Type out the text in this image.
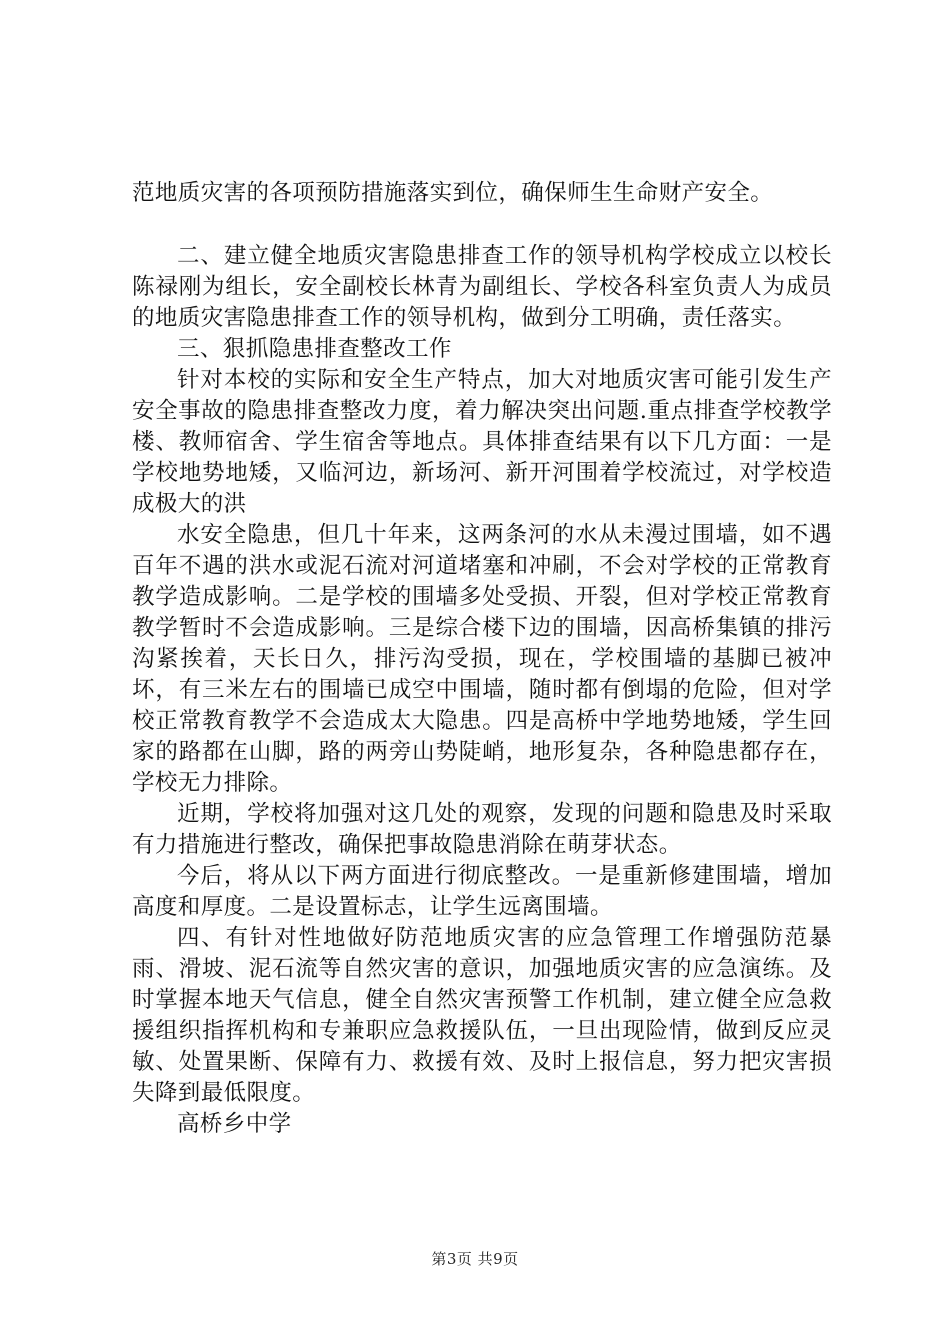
范地质灾害的各项预防措施落实到位，确保师生生命财产安全。

二、建立健全地质灾害隐患排查工作的领导机构学校成立以校长陈禄刚为组长，安全副校长林青为副组长、学校各科室负责人为成员的地质灾害隐患排查工作的领导机构，做到分工明确，责任落实。

三、狠抓隐患排查整改工作

针对本校的实际和安全生产特点，加大对地质灾害可能引发生产安全事故的隐患排查整改力度，着力解决突出问题.重点排查学校教学楼、教师宿舍、学生宿舍等地点。具体排查结果有以下几方面：一是学校地势地矮，又临河边，新场河、新开河围着学校流过，对学校造成极大的洪

水安全隐患，但几十年来，这两条河的水从未漫过围墙，如不遇百年不遇的洪水或泥石流对河道堵塞和冲刷，不会对学校的正常教育教学造成影响。二是学校的围墙多处受损、开裂，但对学校正常教育教学暂时不会造成影响。三是综合楼下边的围墙，因高桥集镇的排污沟紧挨着，天长日久，排污沟受损，现在，学校围墙的基脚已被冲坏，有三米左右的围墙已成空中围墙，随时都有倒塌的危险，但对学校正常教育教学不会造成太大隐患。四是高桥中学地势地矮，学生回家的路都在山脚，路的两旁山势陡峭，地形复杂，各种隐患都存在，学校无力排除。

近期，学校将加强对这几处的观察，发现的问题和隐患及时采取有力措施进行整改，确保把事故隐患消除在萌芽状态。

今后，将从以下两方面进行彻底整改。一是重新修建围墙，增加高度和厚度。二是设置标志，让学生远离围墙。

四、有针对性地做好防范地质灾害的应急管理工作增强防范暴雨、滑坡、泥石流等自然灾害的意识，加强地质灾害的应急演练。及时掌握本地天气信息，健全自然灾害预警工作机制，建立健全应急救援组织指挥机构和专兼职应急救援队伍，一旦出现险情，做到反应灵敏、处置果断、保障有力、救援有效、及时上报信息，努力把灾害损失降到最低限度。

高桥乡中学

第3页 共9页
